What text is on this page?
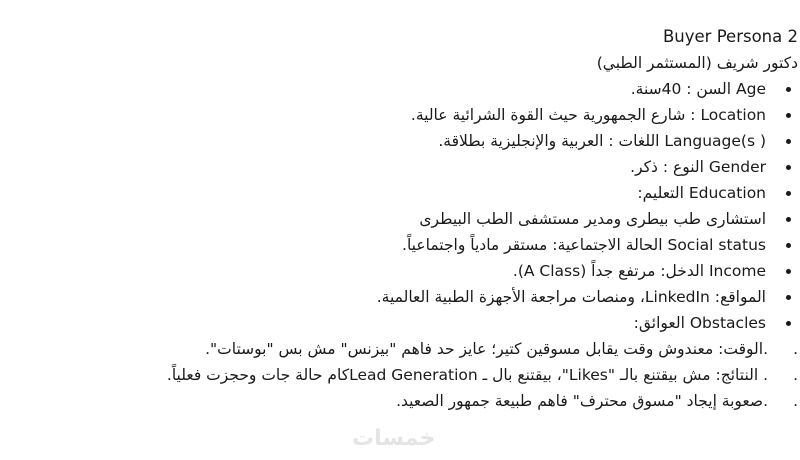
Buyer Persona 2
دكتور شريف (المستثمر الطبي)
Age السن : 40سنة.
Location : شارع الجمهورية حيث القوة الشرائية عالية.
Language(s ) اللغات : العربية والإنجليزية بطلاقة.
Gender النوع : ذكر.
Education التعليم:
استشارى طب بيطرى ومدير مستشفى الطب البيطرى
Social status الحالة الاجتماعية: مستقر مادياً واجتماعياً.
Income الدخل: مرتفع جداً (A Class).
المواقع: LinkedIn، ومنصات مراجعة الأجهزة الطبية العالمية.
Obstacles العوائق:
. .الوقت: معندوش وقت يقابل مسوقين كتير؛ عايز حد فاهم "بيزنس" مش بس "بوستات".
. . النتائج: مش بيقتنع بالـ "Likes"، بيقتنع بال ـ Lead Generationكام حالة جات وحجزت فعلياً.
. .صعوبة إيجاد "مسوق محترف" فاهم طبيعة جمهور الصعيد.
خمسات
